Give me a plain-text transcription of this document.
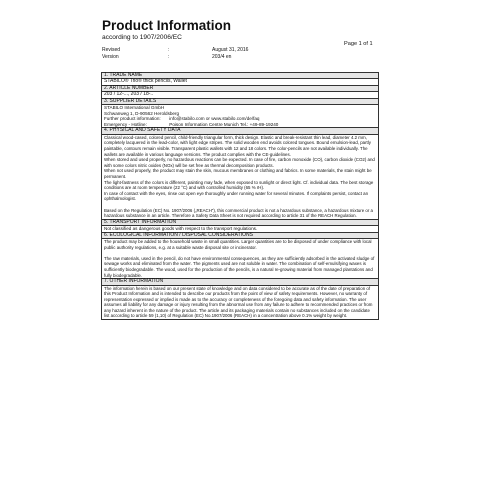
Product Information
according to 1907/2006/EC
Page 1 of 1
Revised	:	August 31, 2016
Version	:	203/4 en
1. TRADE NAME
STABILO® Trio® thick pencils, Wallet
2. ARTICLE NUMBER
203 / 12-..., 203 / 18-..
3. SUPPLIER DETAILS
STABILO International GmbH
Schwanweg 1, D-90562 Heroldsberg
Further product information: info@stabilo.com or www.stabilo.com/de/faq
Emergency - Hotline:	Poison Information Centre Munich Tel.: +49-89-19240
4. PHYSICAL AND SAFETY DATA

Classical wood-cased, colored pencil, child-friendly triangular form, thick design. Elastic and break-resistant thin lead, diameter 4.2 mm, completely lacquered in the lead-color, with light edge stripes. The solid wooden end avoids colored tongues. Bound emulsion-lead, partly paintable, contours remain visible. Transparent plastic wallets with 12 and 18 colors. The color-pencils are not available individually. The wallets are available in various language versions. The product complies with the CE-guidelines.
When stored and used properly, no hazardous reactions can be expected. In case of fire, carbon monoxide (CO), carbon dioxide (CO2) and with some colors nitric oxides (NOx) will be set free as thermal decomposition products.
When not used properly, the product may stain the skin, mucous membranes or clothing and fabrics. In some materials, the stain might be permanent.
The light-fastness of the colors is different, painting may fade, when exposed to sunlight or direct light. Cf. individual data. The best storage conditions are at room temperature (22 °C) and with controlled humidity (65 % rH).
In case of contact with the eyes, rinse out open eye thoroughly under running water for several minutes. If complaints persist, contact an ophthalmologist.

Based on the Regulation (EC) No. 1907/2006 („REACH“), this commercial product is not a hazardous substance, a hazardous mixture or a hazardous substance in an article. Therefore a Safety Data Sheet is not required according to article 31 of the REACH Regulation.

5. TRANSPORT INFORMATION
Not classified as dangerous goods with respect to the transport regulations.
6. ECOLOGICAL INFORMATION / DISPOSAL CONSIDERATIONS

The product may be added to the household waste in small quantities. Larger quantities are to be disposed of under compliance with local public authority regulations, e.g. at a suitable waste disposal site or incinerator.

The raw materials, used in the pencil, do not have environmental consequences, as they are sufficiently adsorbed in the activated sludge of sewage works and eliminated from the water. The pigments used are not soluble in water. The combination of self-emulsifying waxes is sufficiently biodegradable. The wood, used for the production of the pencils, is a natural re-growing material from managed plantations and fully biodegradable.

7. OTHER INFORMATION

The information herein is based on our present state of knowledge and on data considered to be accurate as of the date of preparation of this Product Information and is intended to describe our products from the point of view of safety requirements. However, no warranty of representation expressed or implied is made as to the accuracy or completeness of the foregoing data and safety information. The user assumes all liability for any damage or injury resulting from the abnormal use from any failure to adhere to recommended practices or from any hazard inherent in the nature of the product. The article and its packaging materials contain no substances included on the candidate list according to article 59 (1,10) of Regulation (EC) No.1907/2006 (REACH) in a concentration above 0.1% weight by weight.
